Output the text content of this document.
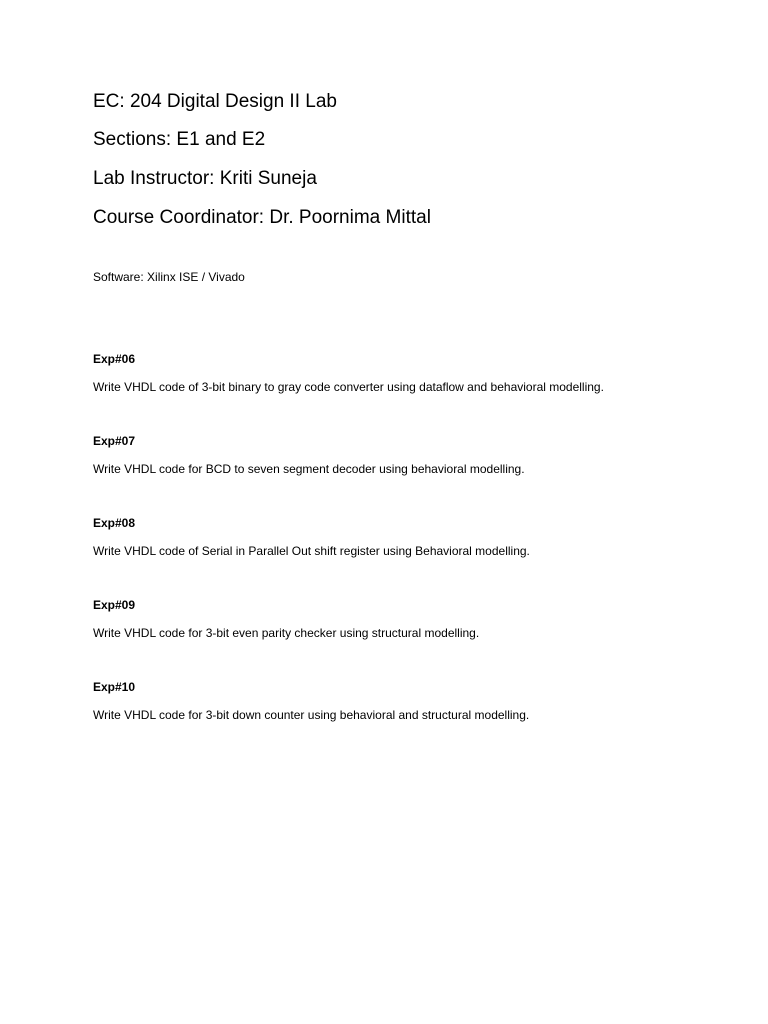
EC: 204 Digital Design II Lab
Sections: E1 and E2
Lab Instructor: Kriti Suneja
Course Coordinator: Dr. Poornima Mittal
Software: Xilinx ISE / Vivado
Exp#06
Write VHDL code of 3-bit binary to gray code converter using dataflow and behavioral modelling.
Exp#07
Write VHDL code for BCD to seven segment decoder using behavioral modelling.
Exp#08
Write VHDL code of Serial in Parallel Out shift register using Behavioral modelling.
Exp#09
Write VHDL code for 3-bit even parity checker using structural modelling.
Exp#10
Write VHDL code for 3-bit down counter using behavioral and structural modelling.
